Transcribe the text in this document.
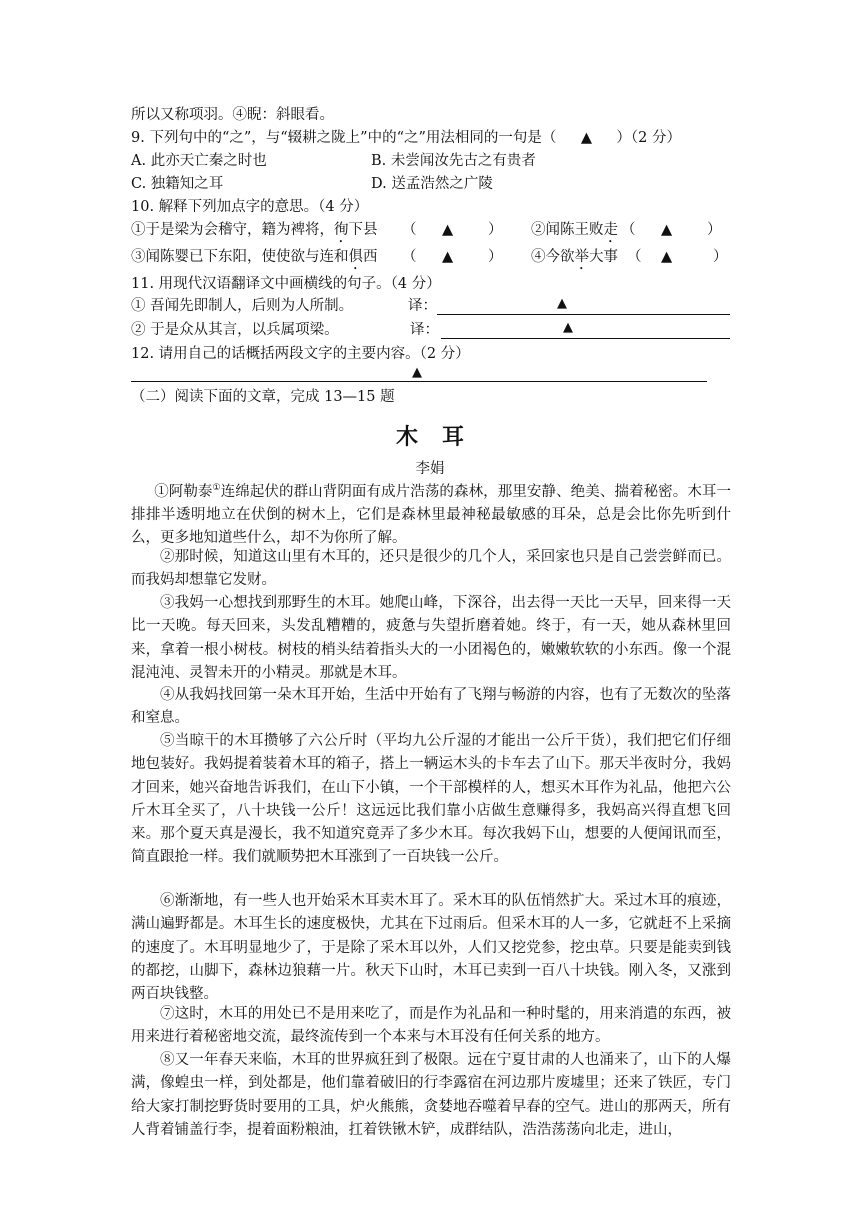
所以又称项羽。④睨：斜眼看。
9. 下列句中的“之”，与“辍耕之陇上”中的“之”用法相同的一句是（ ▲ ）（2 分）
A. 此亦天亡秦之时也	B. 未尝闻汝先古之有贵者
C. 独籍知之耳	D. 送孟浩然之广陵
10. 解释下列加点字的意思。（4 分）
①于是梁为会稽守，籍为裨将，徇下县 （ ▲ ） ②闻陈王败走 （ ▲ ）
③闻陈婴已下东阳，使使欲与连和俱西 （ ▲ ） ④今欲举大事 （ ▲	）
11. 用现代汉语翻译文中画横线的句子。（4 分）
① 吾闻先即制人，后则为人所制。	译：	▲
② 于是众从其言，以兵属项梁。	译：	▲
12. 请用自己的话概括两段文字的主要内容。（2 分）
▲
（二）阅读下面的文章，完成 13—15 题
木耳
李娟
①阿勒泰①连绵起伏的群山背阴面有成片浩荡的森林，那里安静、绝美、揣着秘密。木耳一排排半透明地立在伏倒的树木上，它们是森林里最神秘最敏感的耳朵，总是会比你先听到什么，更多地知道些什么，却不为你所了解。
②那时候，知道这山里有木耳的，还只是很少的几个人，采回家也只是自己尝尝鲜而已。而我妈却想靠它发财。
③我妈一心想找到那野生的木耳。她爬山峰，下深谷，出去得一天比一天早，回来得一天比一天晚。每天回来，头发乱糟糟的，疲惫与失望折磨着她。终于，有一天，她从森林里回来，拿着一根小树枝。树枝的梢头结着指头大的一小团褐色的，嫩嫩软软的小东西。像一个混混沌沌、灵智未开的小精灵。那就是木耳。
④从我妈找回第一朵木耳开始，生活中开始有了飞翔与畅游的内容，也有了无数次的坠落和窒息。
⑤当晾干的木耳攒够了六公斤时（平均九公斤湿的才能出一公斤干货），我们把它们仔细地包装好。我妈提着装着木耳的箱子，搭上一辆运木头的卡车去了山下。那天半夜时分，我妈才回来，她兴奋地告诉我们，在山下小镇，一个干部模样的人，想买木耳作为礼品，他把六公斤木耳全买了，八十块钱一公斤！这远远比我们靠小店做生意赚得多，我妈高兴得直想飞回来。那个夏天真是漫长，我不知道究竟弄了多少木耳。每次我妈下山，想要的人便闻讯而至，简直跟抢一样。我们就顺势把木耳涨到了一百块钱一公斤。
⑥渐渐地，有一些人也开始采木耳卖木耳了。采木耳的队伍悄然扩大。采过木耳的痕迹，满山遍野都是。木耳生长的速度极快，尤其在下过雨后。但采木耳的人一多，它就赶不上采摘的速度了。木耳明显地少了，于是除了采木耳以外，人们又挖党参，挖虫草。只要是能卖到钱的都挖，山脚下，森林边狼藉一片。秋天下山时，木耳已卖到一百八十块钱。刚入冬，又涨到两百块钱整。
⑦这时，木耳的用处已不是用来吃了，而是作为礼品和一种时髦的，用来消遣的东西，被用来进行着秘密地交流，最终流传到一个本来与木耳没有任何关系的地方。
⑧又一年春天来临，木耳的世界疯狂到了极限。远在宁夏甘肃的人也涌来了，山下的人爆满，像蝗虫一样，到处都是，他们靠着破旧的行李露宿在河边那片废墟里；还来了铁匠，专门给大家打制挖野货时要用的工具，炉火熊熊，贪婪地吞噬着早春的空气。进山的那两天，所有人背着铺盖行李，提着面粉粮油，扛着铁锹木铲，成群结队，浩浩荡荡向北走，进山，
